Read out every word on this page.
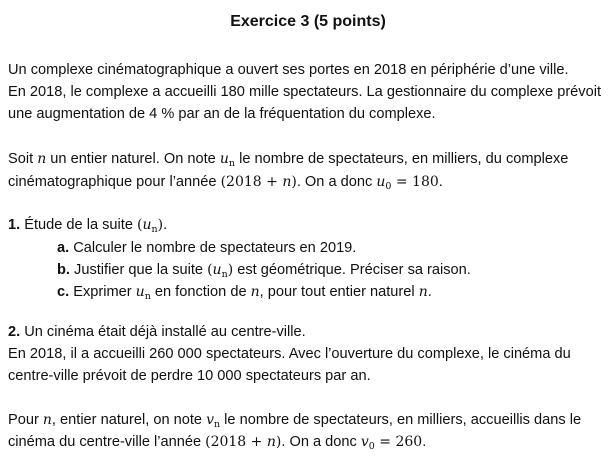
Exercice 3 (5 points)
Un complexe cinématographique a ouvert ses portes en 2018 en périphérie d’une ville.
En 2018, le complexe a accueilli 180 mille spectateurs. La gestionnaire du complexe prévoit
une augmentation de 4 % par an de la fréquentation du complexe.
Soit n un entier naturel. On note $u_n$ le nombre de spectateurs, en milliers, du complexe
cinématographique pour l’année (2018 + n). On a donc $u_0 = 180$.
1. Étude de la suite $(u_n)$.
a. Calculer le nombre de spectateurs en 2019.
b. Justifier que la suite $(u_n)$ est géométrique. Préciser sa raison.
c. Exprimer $u_n$ en fonction de n, pour tout entier naturel n.
2. Un cinéma était déjà installé au centre-ville.
En 2018, il a accueilli 260 000 spectateurs. Avec l’ouverture du complexe, le cinéma du
centre-ville prévoit de perdre 10 000 spectateurs par an.
Pour n, entier naturel, on note $v_n$ le nombre de spectateurs, en milliers, accueillis dans le
cinéma du centre-ville l’année (2018 + n). On a donc $v_0 = 260$.
